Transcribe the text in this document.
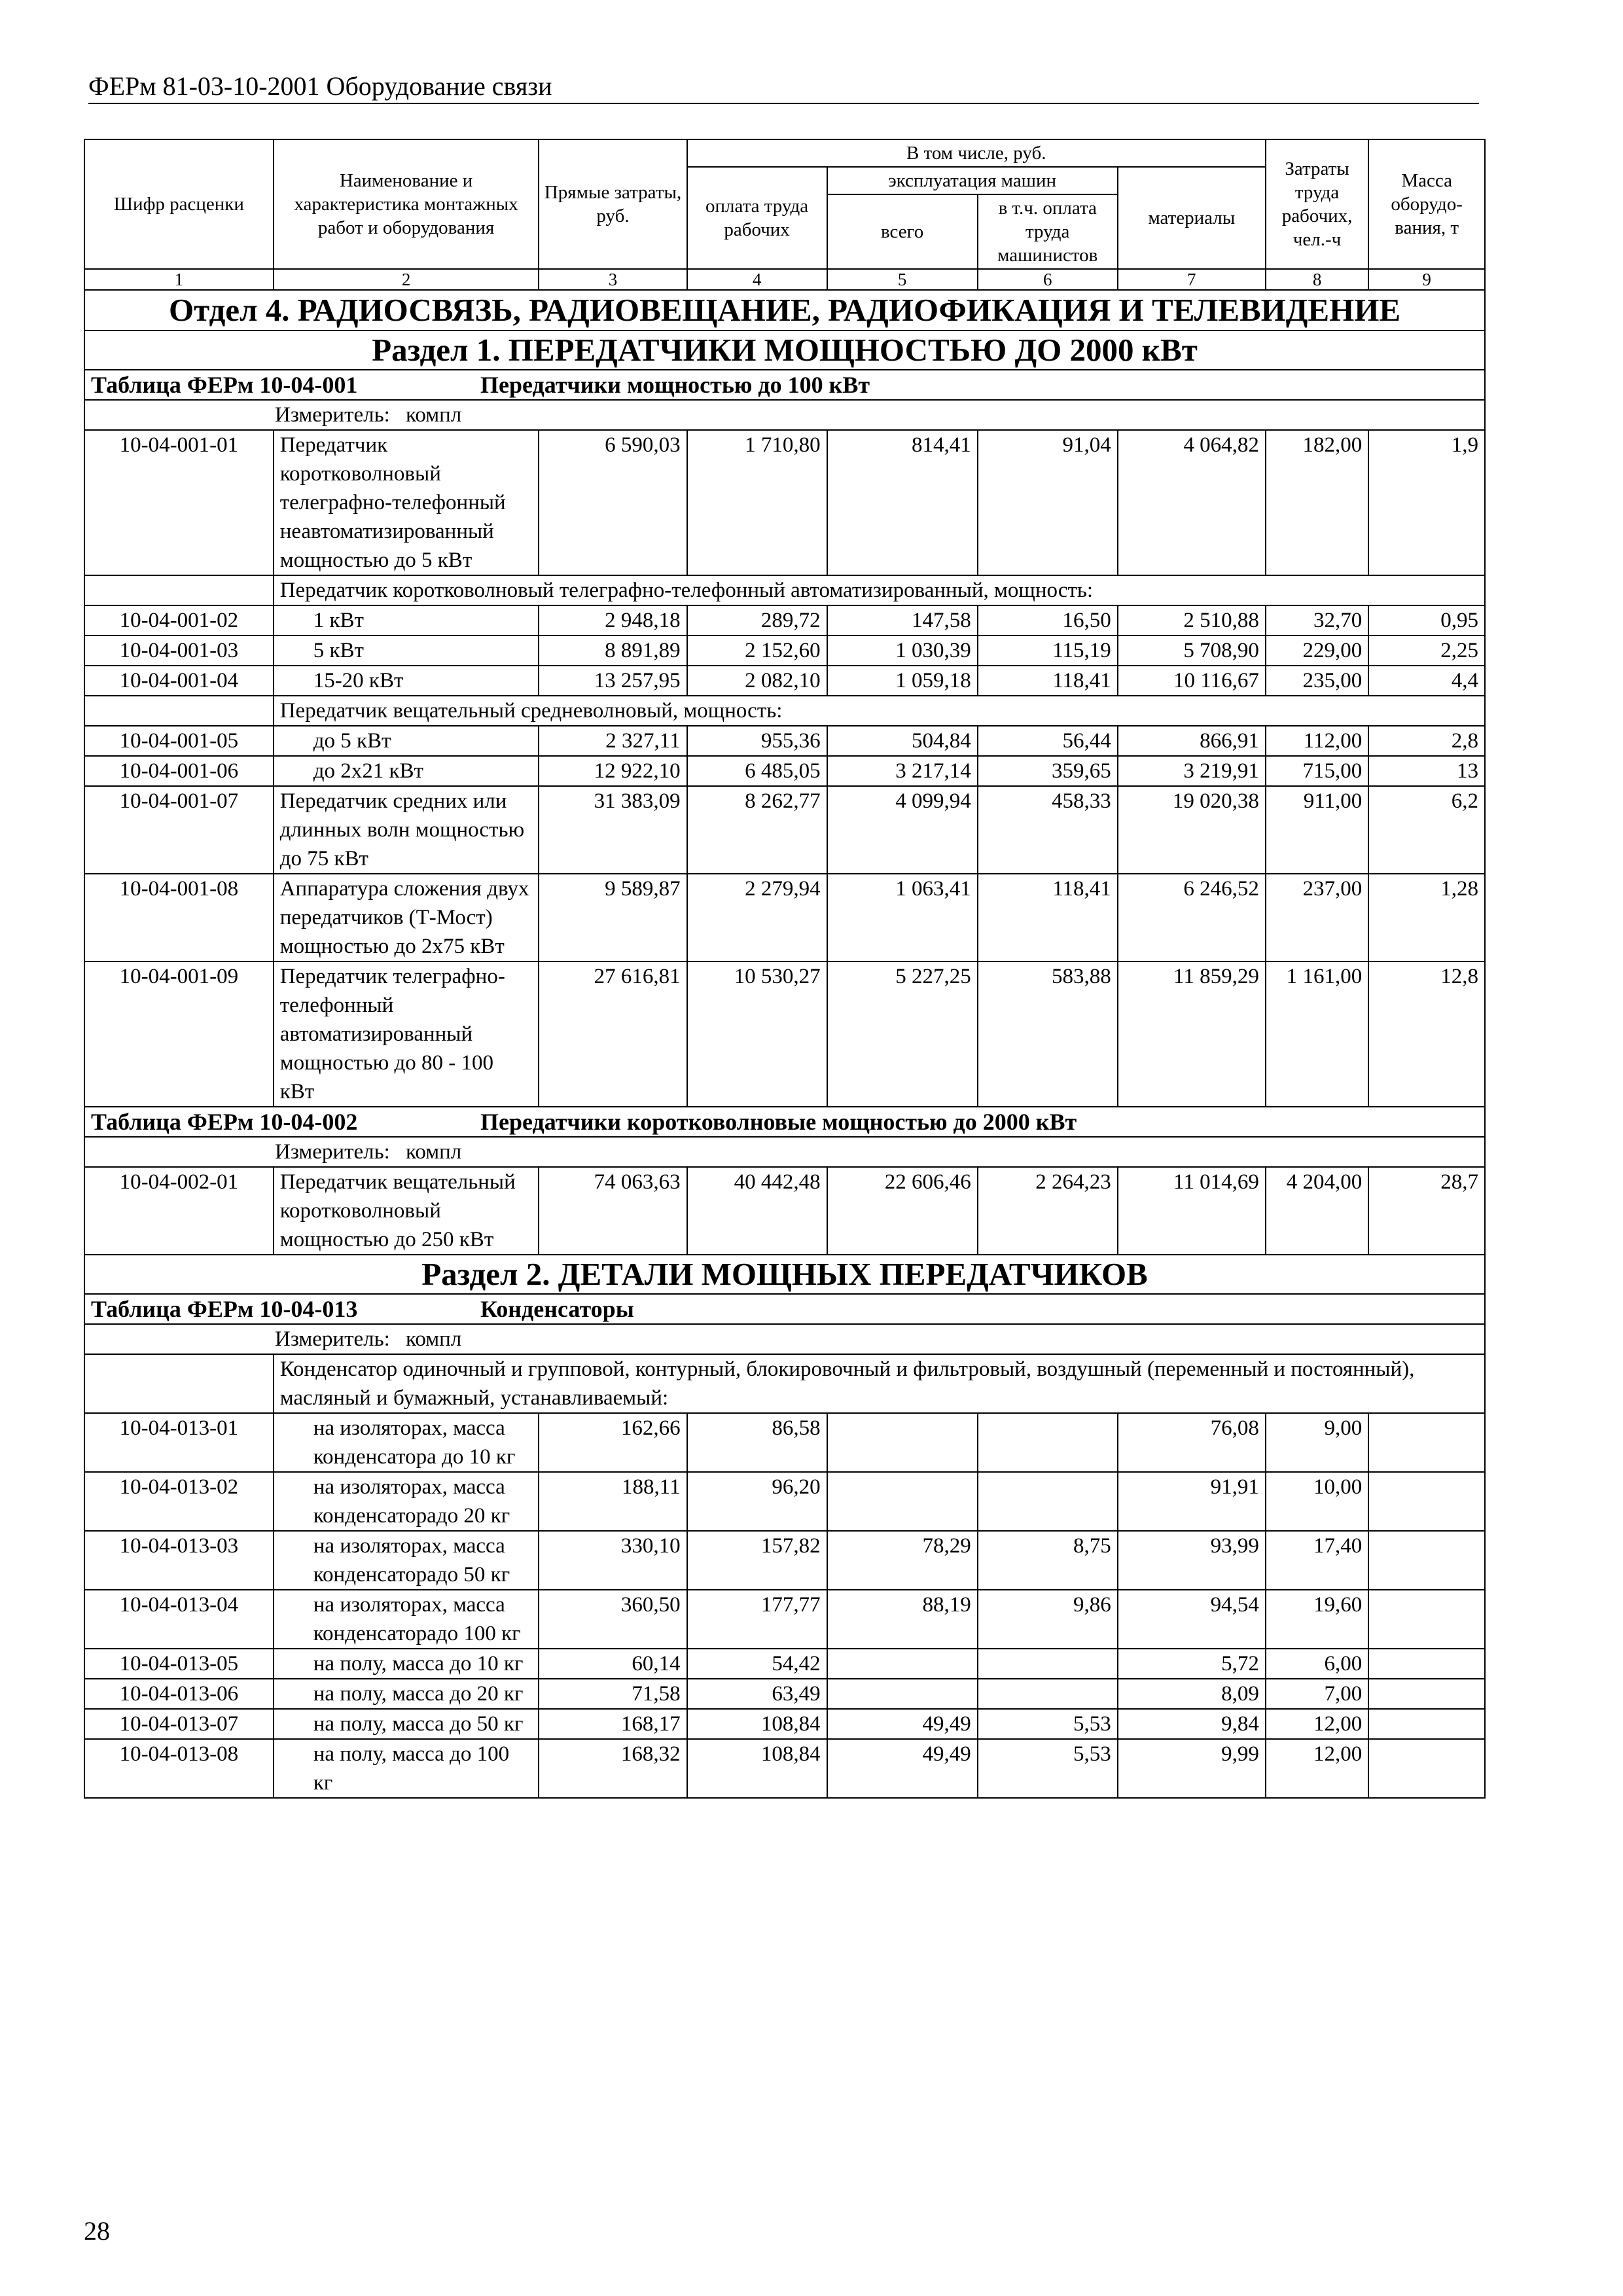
ФЕРм 81-03-10-2001 Оборудование связи
Шифр расценки	Наименование и характеристика монтажных работ и оборудования	Прямые затраты, руб.	В том числе, руб.				Затраты труда рабочих, чел.-ч	Масса оборудо-вания, т
			оплата труда рабочих	эксплуатация машин		материалы		
				всего	в т.ч. оплата труда машинистов			
1	2	3	4	5	6	7	8	9
Отдел 4. РАДИОСВЯЗЬ, РАДИОВЕЩАНИЕ, РАДИОФИКАЦИЯ И ТЕЛЕВИДЕНИЕ								
Раздел 1. ПЕРЕДАТЧИКИ МОЩНОСТЬЮ ДО 2000 кВт								
Таблица ФЕРм 10-04-001 Передатчики мощностью до 100 кВт								
Измеритель: компл								
10-04-001-01	Передатчик коротковолновый телеграфно-телефонный неавтоматизированный мощностью до 5 кВт	6 590,03	1 710,80	814,41	91,04	4 064,82	182,00	1,9
	Передатчик коротковолновый телеграфно-телефонный автоматизированный, мощность:							
10-04-001-02	1 кВт	2 948,18	289,72	147,58	16,50	2 510,88	32,70	0,95
10-04-001-03	5 кВт	8 891,89	2 152,60	1 030,39	115,19	5 708,90	229,00	2,25
10-04-001-04	15-20 кВт	13 257,95	2 082,10	1 059,18	118,41	10 116,67	235,00	4,4
	Передатчик вещательный средневолновый, мощность:							
10-04-001-05	до 5 кВт	2 327,11	955,36	504,84	56,44	866,91	112,00	2,8
10-04-001-06	до 2х21 кВт	12 922,10	6 485,05	3 217,14	359,65	3 219,91	715,00	13
10-04-001-07	Передатчик средних или длинных волн мощностью до 75 кВт	31 383,09	8 262,77	4 099,94	458,33	19 020,38	911,00	6,2
10-04-001-08	Аппаратура сложения двух передатчиков (Т-Мост) мощностью до 2х75 кВт	9 589,87	2 279,94	1 063,41	118,41	6 246,52	237,00	1,28
10-04-001-09	Передатчик телеграфно-телефонный автоматизированный мощностью до 80 - 100 кВт	27 616,81	10 530,27	5 227,25	583,88	11 859,29	1 161,00	12,8
Таблица ФЕРм 10-04-002 Передатчики коротковолновые мощностью до 2000 кВт								
Измеритель: компл								
10-04-002-01	Передатчик вещательный коротковолновый мощностью до 250 кВт	74 063,63	40 442,48	22 606,46	2 264,23	11 014,69	4 204,00	28,7
Раздел 2. ДЕТАЛИ МОЩНЫХ ПЕРЕДАТЧИКОВ								
Таблица ФЕРм 10-04-013 Конденсаторы								
Измеритель: компл								
	Конденсатор одиночный и групповой, контурный, блокировочный и фильтровый, воздушный (переменный и постоянный), масляный и бумажный, устанавливаемый:							
10-04-013-01	на изоляторах, масса конденсатора до 10 кг	162,66	86,58			76,08	9,00	
10-04-013-02	на изоляторах, масса конденсаторадо 20 кг	188,11	96,20			91,91	10,00	
10-04-013-03	на изоляторах, масса конденсаторадо 50 кг	330,10	157,82	78,29	8,75	93,99	17,40	
10-04-013-04	на изоляторах, масса конденсаторадо 100 кг	360,50	177,77	88,19	9,86	94,54	19,60	
10-04-013-05	на полу, масса до 10 кг	60,14	54,42			5,72	6,00	
10-04-013-06	на полу, масса до 20 кг	71,58	63,49			8,09	7,00	
10-04-013-07	на полу, масса до 50 кг	168,17	108,84	49,49	5,53	9,84	12,00	
10-04-013-08	на полу, масса до 100 кг	168,32	108,84	49,49	5,53	9,99	12,00	
28
